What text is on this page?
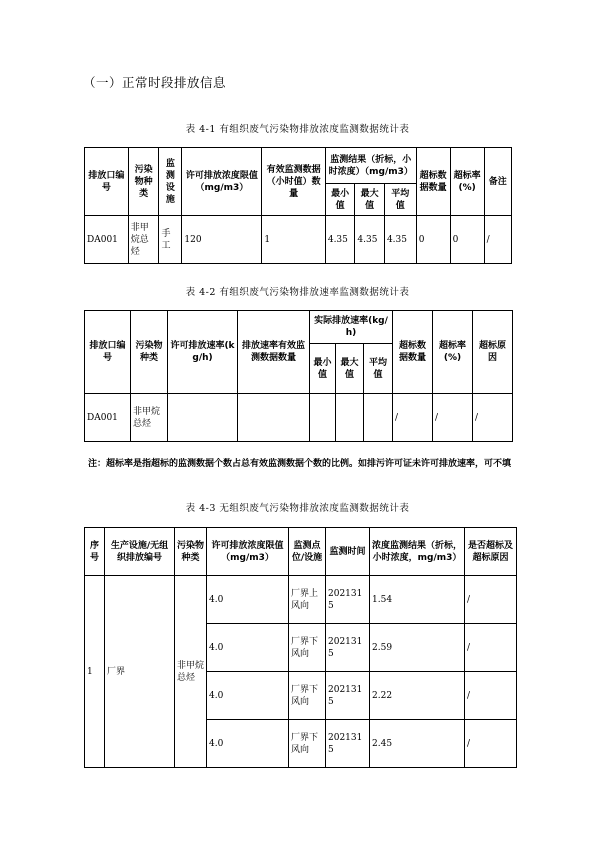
（一）正常时段排放信息
表 4-1 有组织废气污染物排放浓度监测数据统计表
排放口编号	污染物种类	监测设施	许可排放浓度限值（mg/m3）	有效监测数据（小时值）数量	监测结果（折标，小时浓度）（mg/m3）			超标数据数量	超标率(%)	备注
					最小值	最大值	平均值			
DA001	非甲烷总烃	手工	120	1	4.35	4.35	4.35	0	0	/
表 4-2 有组织废气污染物排放速率监测数据统计表
排放口编号	污染物种类	许可排放速率(kg/h)	排放速率有效监测数据数量	实际排放速率(kg/h)			超标数据数量	超标率(%)	超标原因
				最小值	最大值	平均值			
DA001	非甲烷总烃						/	/	/
注：超标率是指超标的监测数据个数占总有效监测数据个数的比例。如排污许可证未许可排放速率，可不填
表 4-3 无组织废气污染物排放浓度监测数据统计表
序号	生产设施/无组织排放编号	污染物种类	许可排放浓度限值（mg/m3）	监测点位/设施	监测时间	浓度监测结果（折标，小时浓度，mg/m3）	是否超标及超标原因
1	厂界	非甲烷总烃	4.0	厂界上风向	2021315	1.54	/
			4.0	厂界下风向	2021315	2.59	/
			4.0	厂界下风向	2021315	2.22	/
			4.0	厂界下风向	2021315	2.45	/
